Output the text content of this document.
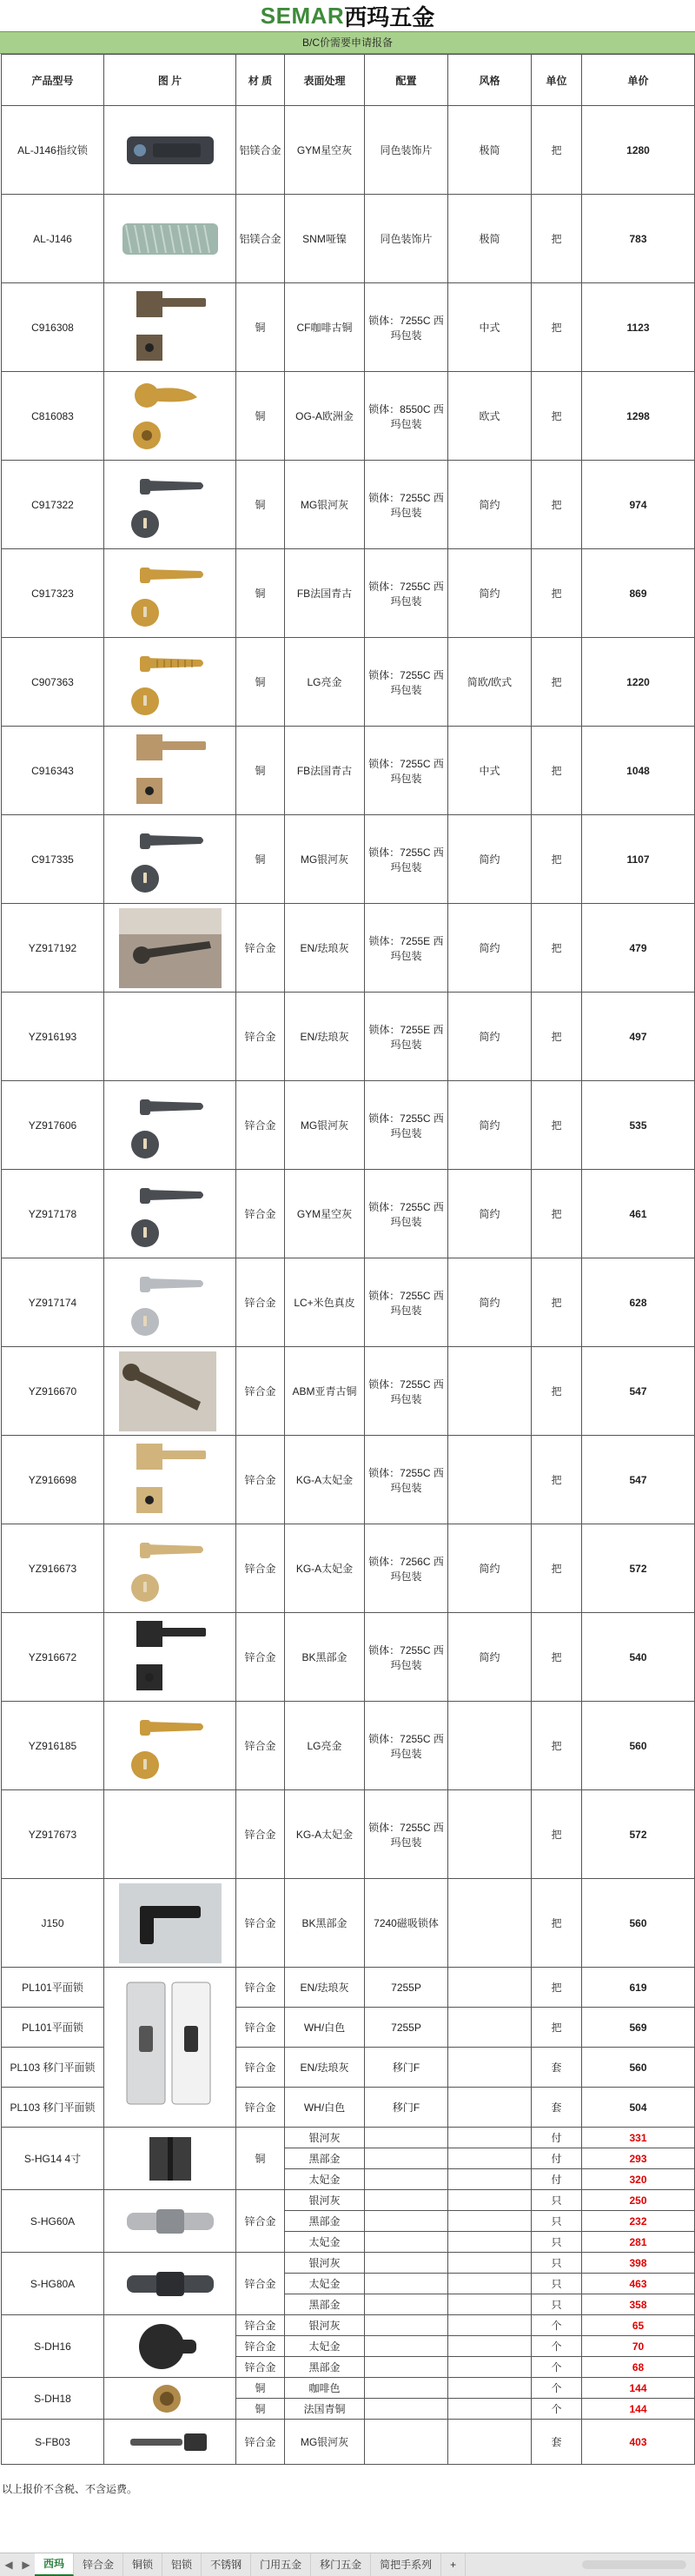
SEMAR 西玛五金
B/C价需要申请报备
产品型号	图 片	材 质	表面处理	配置	风格	单位	单价
AL-J146指纹锁		铝镁合金	GYM星空灰	同色装饰片	极简	把	1280
AL-J146		铝镁合金	SNM哑镍	同色装饰片	极简	把	783
C916308		铜	CF咖啡古铜	锁体：7255C 西玛包装	中式	把	1123
C816083		铜	OG-A欧洲金	锁体：8550C 西玛包装	欧式	把	1298
C917322		铜	MG银河灰	锁体：7255C 西玛包装	简约	把	974
C917323		铜	FB法国青古	锁体：7255C 西玛包装	简约	把	869
C907363		铜	LG亮金	锁体：7255C 西玛包装	简欧/欧式	把	1220
C916343		铜	FB法国青古	锁体：7255C 西玛包装	中式	把	1048
C917335		铜	MG银河灰	锁体：7255C 西玛包装	简约	把	1107
YZ917192		锌合金	EN/珐琅灰	锁体：7255E 西玛包装	简约	把	479
YZ916193		锌合金	EN/珐琅灰	锁体：7255E 西玛包装	简约	把	497
YZ917606		锌合金	MG银河灰	锁体：7255C 西玛包装	简约	把	535
YZ917178		锌合金	GYM星空灰	锁体：7255C 西玛包装	简约	把	461
YZ917174		锌合金	LC+米色真皮	锁体：7255C 西玛包装	简约	把	628
YZ916670		锌合金	ABM亚青古铜	锁体：7255C 西玛包装		把	547
YZ916698		锌合金	KG-A太妃金	锁体：7255C 西玛包装		把	547
YZ916673		锌合金	KG-A太妃金	锁体：7256C 西玛包装	简约	把	572
YZ916672		锌合金	BK黑部金	锁体：7255C 西玛包装	简约	把	540
YZ916185		锌合金	LG亮金	锁体：7255C 西玛包装		把	560
YZ917673		锌合金	KG-A太妃金	锁体：7255C 西玛包装		把	572
J150		锌合金	BK黑部金	7240磁吸锁体		把	560
PL101平面锁		锌合金	EN/珐琅灰	7255P		把	619
PL101平面锁		锌合金	WH/白色	7255P		把	569
PL103 移门平面锁		锌合金	EN/珐琅灰	移门F		套	560
PL103 移门平面锁		锌合金	WH/白色	移门F		套	504
S-HG14 4寸		铜	银河灰			付	331
			黑部金			付	293
			太妃金			付	320
S-HG60A		锌合金	银河灰			只	250
			黑部金			只	232
			太妃金			只	281
S-HG80A		锌合金	银河灰			只	398
			太妃金			只	463
			黑部金			只	358
S-DH16		锌合金	银河灰			个	65
		锌合金	太妃金			个	70
		锌合金	黑部金			个	68
S-DH18		铜	咖啡色			个	144
		铜	法国青铜			个	144
S-FB03		锌合金	MG银河灰			套	403
以上报价不含税、不含运费。
◀ ▶	西玛	锌合金	铜锁	铝锁	不锈钢	门用五金	移门五金	简把手系列	+
